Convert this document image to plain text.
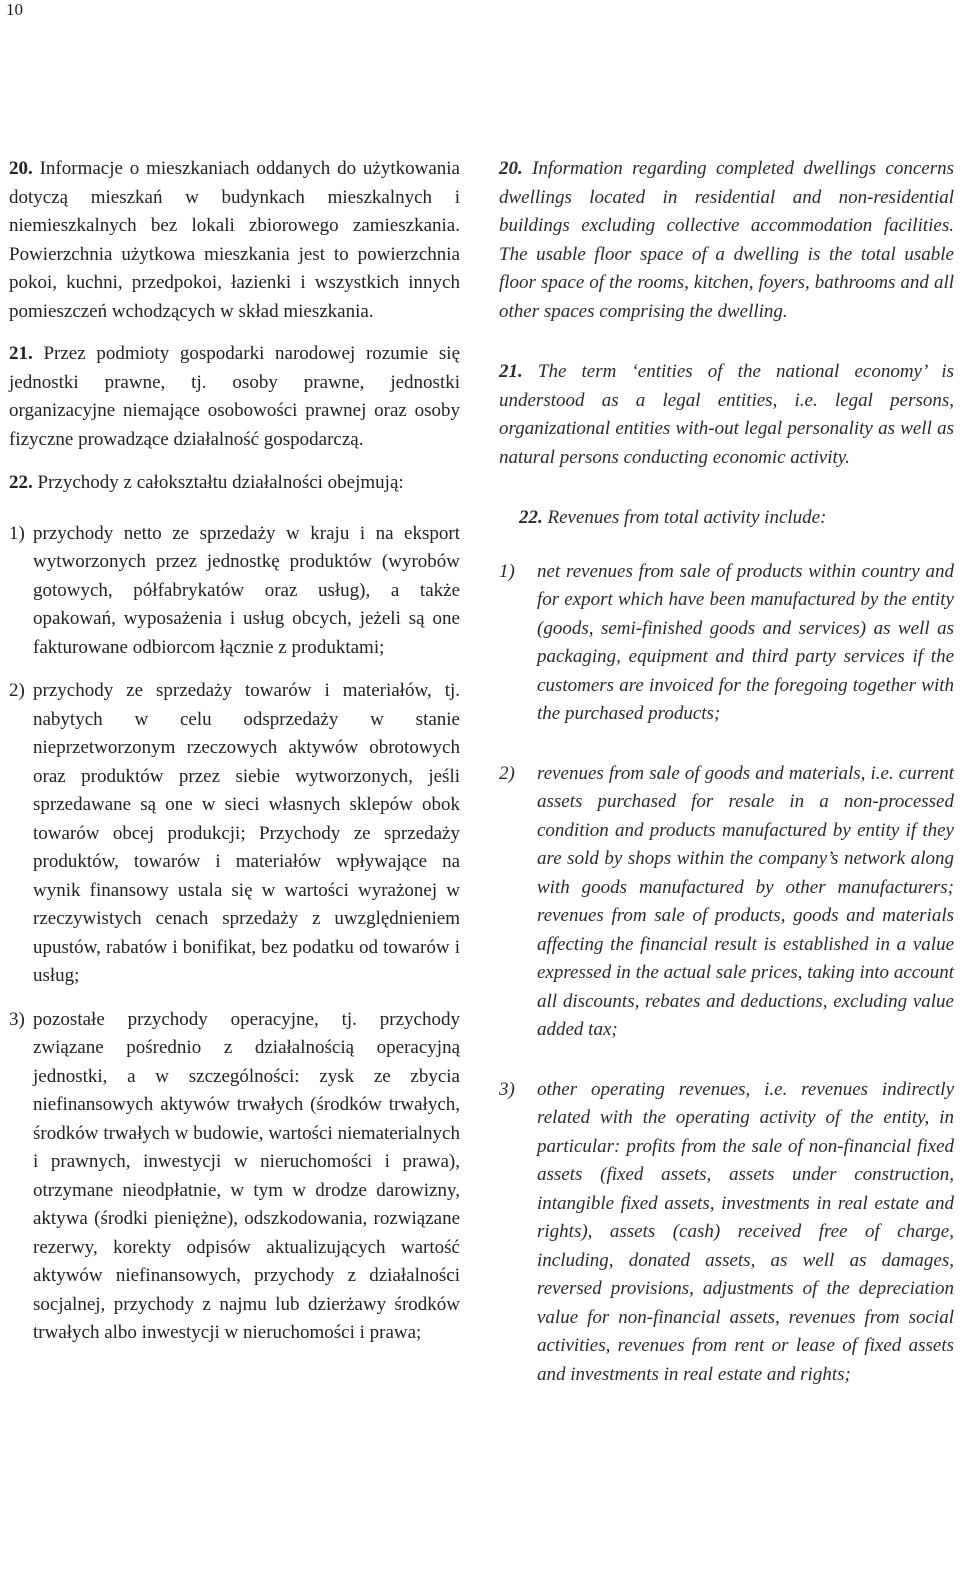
10

20. Informacje o mieszkaniach oddanych do użytkowania dotyczą mieszkań w budynkach mieszkalnych i niemieszkalnych bez lokali zbiorowego zamieszkania. Powierzchnia użytkowa mieszkania jest to powierzchnia pokoi, kuchni, przedpokoi, łazienki i wszystkich innych pomieszczeń wchodzących w skład mieszkania.

21. Przez podmioty gospodarki narodowej rozumie się jednostki prawne, tj. osoby prawne, jednostki organizacyjne niemające osobowości prawnej oraz osoby fizyczne prowadzące działalność gospodarczą.

22. Przychody z całokształtu działalności obejmują:

1) przychody netto ze sprzedaży w kraju i na eksport wytworzonych przez jednostkę produktów (wyrobów gotowych, półfabrykatów oraz usług), a także opakowań, wyposażenia i usług obcych, jeżeli są one fakturowane odbiorcom łącznie z produktami;
2) przychody ze sprzedaży towarów i materiałów, tj. nabytych w celu odsprzedaży w stanie nieprzetworzonym rzeczowych aktywów obrotowych oraz produktów przez siebie wytworzonych, jeśli sprzedawane są one w sieci własnych sklepów obok towarów obcej produkcji; Przychody ze sprzedaży produktów, towarów i materiałów wpływające na wynik finansowy ustala się w wartości wyrażonej w rzeczywistych cenach sprzedaży z uwzględnieniem upustów, rabatów i bonifikat, bez podatku od towarów i usług;
3) pozostałe przychody operacyjne, tj. przychody związane pośrednio z działalnością operacyjną jednostki, a w szczególności: zysk ze zbycia niefinansowych aktywów trwałych (środków trwałych, środków trwałych w budowie, wartości niematerialnych i prawnych, inwestycji w nieruchomości i prawa), otrzymane nieodpłatnie, w tym w drodze darowizny, aktywa (środki pieniężne), odszkodowania, rozwiązane rezerwy, korekty odpisów aktualizujących wartość aktywów niefinansowych, przychody z działalności socjalnej, przychody z najmu lub dzierżawy środków trwałych albo inwestycji w nieruchomości i prawa;

20. Information regarding completed dwellings concerns dwellings located in residential and non-residential buildings excluding collective accommodation facilities. The usable floor space of a dwelling is the total usable floor space of the rooms, kitchen, foyers, bathrooms and all other spaces comprising the dwelling.

21. The term ‘entities of the national economy’ is understood as a legal entities, i.e. legal persons, organizational entities with-out legal personality as well as natural persons conducting economic activity.

22. Revenues from total activity include:

1)	net revenues from sale of products within country and for export which have been manufactured by the entity (goods, semi-finished goods and services) as well as packaging, equipment and third party services if the customers are invoiced for the foregoing together with the purchased products;
2)	revenues from sale of goods and materials, i.e. current assets purchased for resale in a non-processed condition and products manufactured by entity if they are sold by shops within the company’s network along with goods manufactured by other manufacturers; revenues from sale of products, goods and materials affecting the financial result is established in a value expressed in the actual sale prices, taking into account all discounts, rebates and deductions, excluding value added tax;
3)	other operating revenues, i.e. revenues indirectly related with the operating activity of the entity, in particular: profits from the sale of non-financial fixed assets (fixed assets, assets under construction, intangible fixed assets, investments in real estate and rights), assets (cash) received free of charge, including, donated assets, as well as damages, reversed provisions, adjustments of the depreciation value for non-financial assets, revenues from social activities, revenues from rent or lease of fixed assets and investments in real estate and rights;
